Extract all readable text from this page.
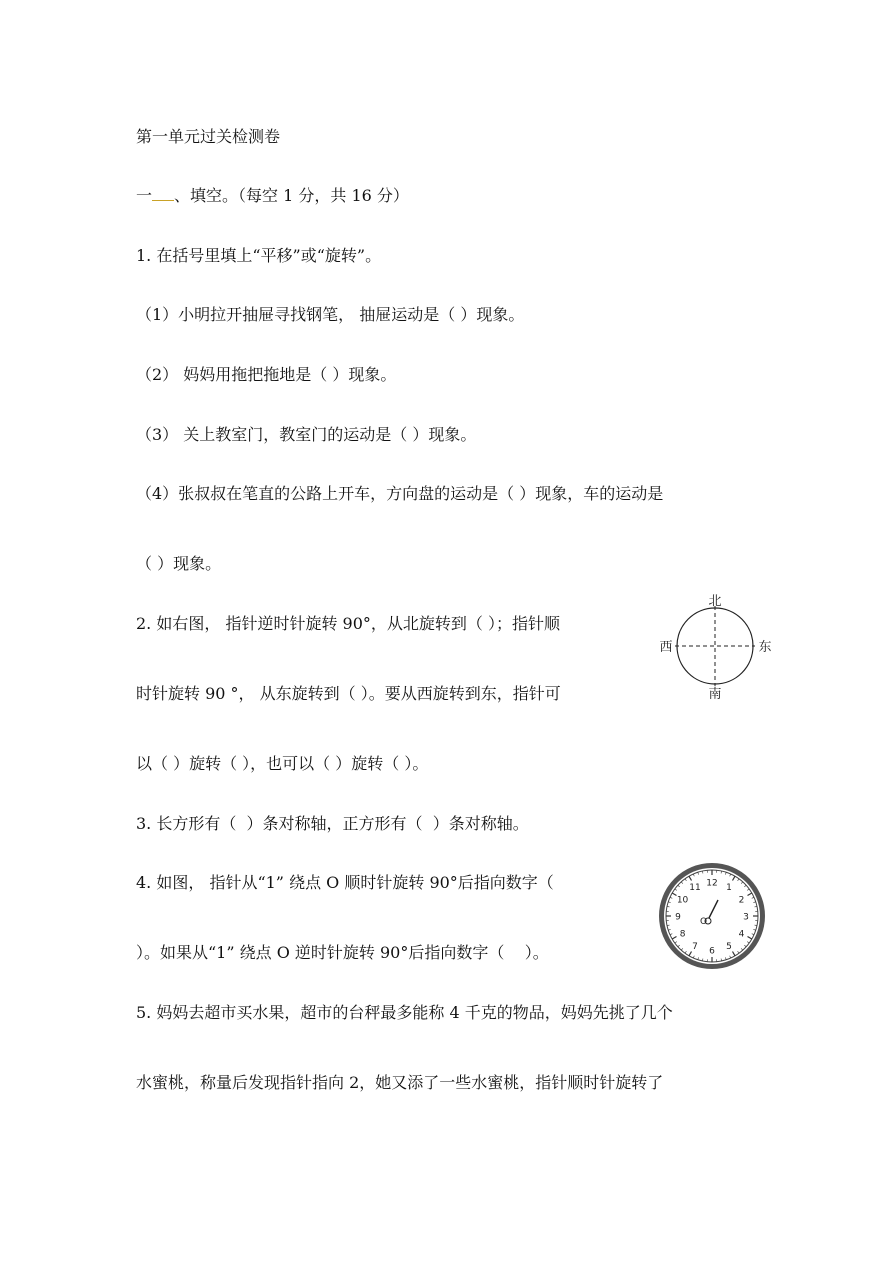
第一单元过关检测卷
一 、填空。（每空 1 分，共 16 分）
1. 在括号里填上“平移”或“旋转”。
（1）小明拉开抽屉寻找钢笔， 抽屉运动是（ ）现象。
（2） 妈妈用拖把拖地是（ ）现象。
（3） 关上教室门，教室门的运动是（ ）现象。
（4）张叔叔在笔直的公路上开车，方向盘的运动是（ ）现象，车的运动是
（ ）现象。
2. 如右图， 指针逆时针旋转 90°，从北旋转到（ ）；指针顺
时针旋转 90 °， 从东旋转到（ ）。要从西旋转到东，指针可
以（ ）旋转（ ），也可以（ ）旋转（ ）。
3. 长方形有（  ）条对称轴，正方形有（  ）条对称轴。
4. 如图， 指针从“1” 绕点 O 顺时针旋转 90°后指向数字（
）。如果从“1” 绕点 O 逆时针旋转 90°后指向数字（    ）。
5. 妈妈去超市买水果，超市的台秤最多能称 4 千克的物品，妈妈先挑了几个
水蜜桃，称量后发现指针指向 2，她又添了一些水蜜桃，指针顺时针旋转了
北
南
东
西
12 1
2
3
4
5
6
7
8
9
10
11
O
